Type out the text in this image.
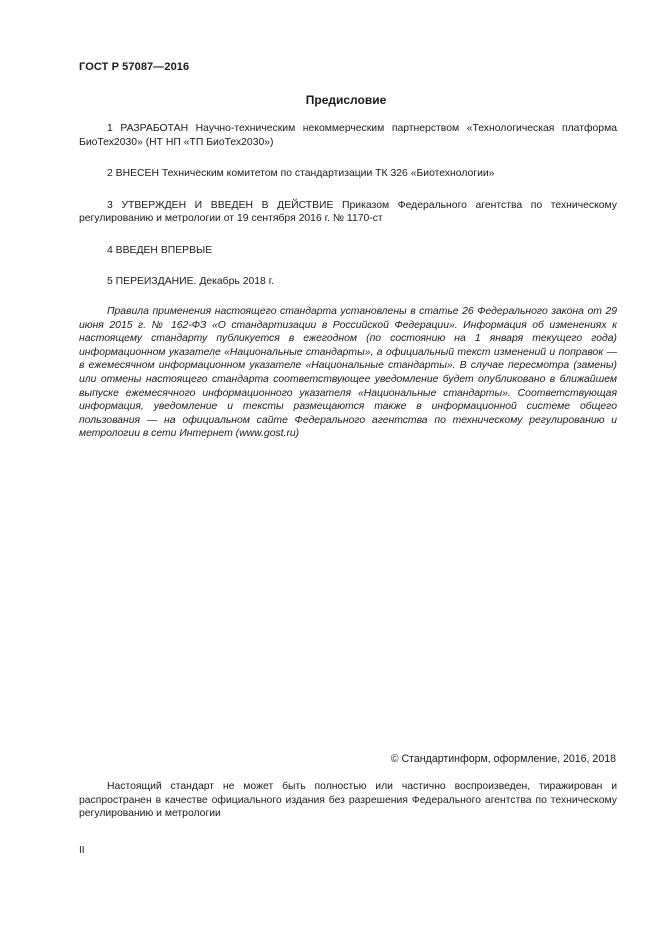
ГОСТ Р 57087—2016
Предисловие

1 РАЗРАБОТАН Научно-техническим некоммерческим партнерством «Технологическая платформа БиоТех2030» (НТ НП «ТП БиоТех2030»)

2 ВНЕСЕН Техническим комитетом по стандартизации ТК 326 «Биотехнологии»

3 УТВЕРЖДЕН И ВВЕДЕН В ДЕЙСТВИЕ Приказом Федерального агентства по техническому регулированию и метрологии от 19 сентября 2016 г. № 1170-ст

4 ВВЕДЕН ВПЕРВЫЕ

5 ПЕРЕИЗДАНИЕ. Декабрь 2018 г.

Правила применения настоящего стандарта установлены в статье 26 Федерального закона от 29 июня 2015 г. № 162-ФЗ «О стандартизации в Российской Федерации». Информация об изменениях к настоящему стандарту публикуется в ежегодном (по состоянию на 1 января текущего года) информационном указателе «Национальные стандарты», а официальный текст изменений и поправок — в ежемесячном информационном указателе «Национальные стандарты». В случае пересмотра (замены) или отмены настоящего стандарта соответствующее уведомление будет опубликовано в ближайшем выпуске ежемесячного информационного указателя «Национальные стандарты». Соответствующая информация, уведомление и тексты размещаются также в информационной системе общего пользования — на официальном сайте Федерального агентства по техническому регулированию и метрологии в сети Интернет (www.gost.ru)
© Стандартинформ, оформление, 2016, 2018
Настоящий стандарт не может быть полностью или частично воспроизведен, тиражирован и распространен в качестве официального издания без разрешения Федерального агентства по техническому регулированию и метрологии
II
